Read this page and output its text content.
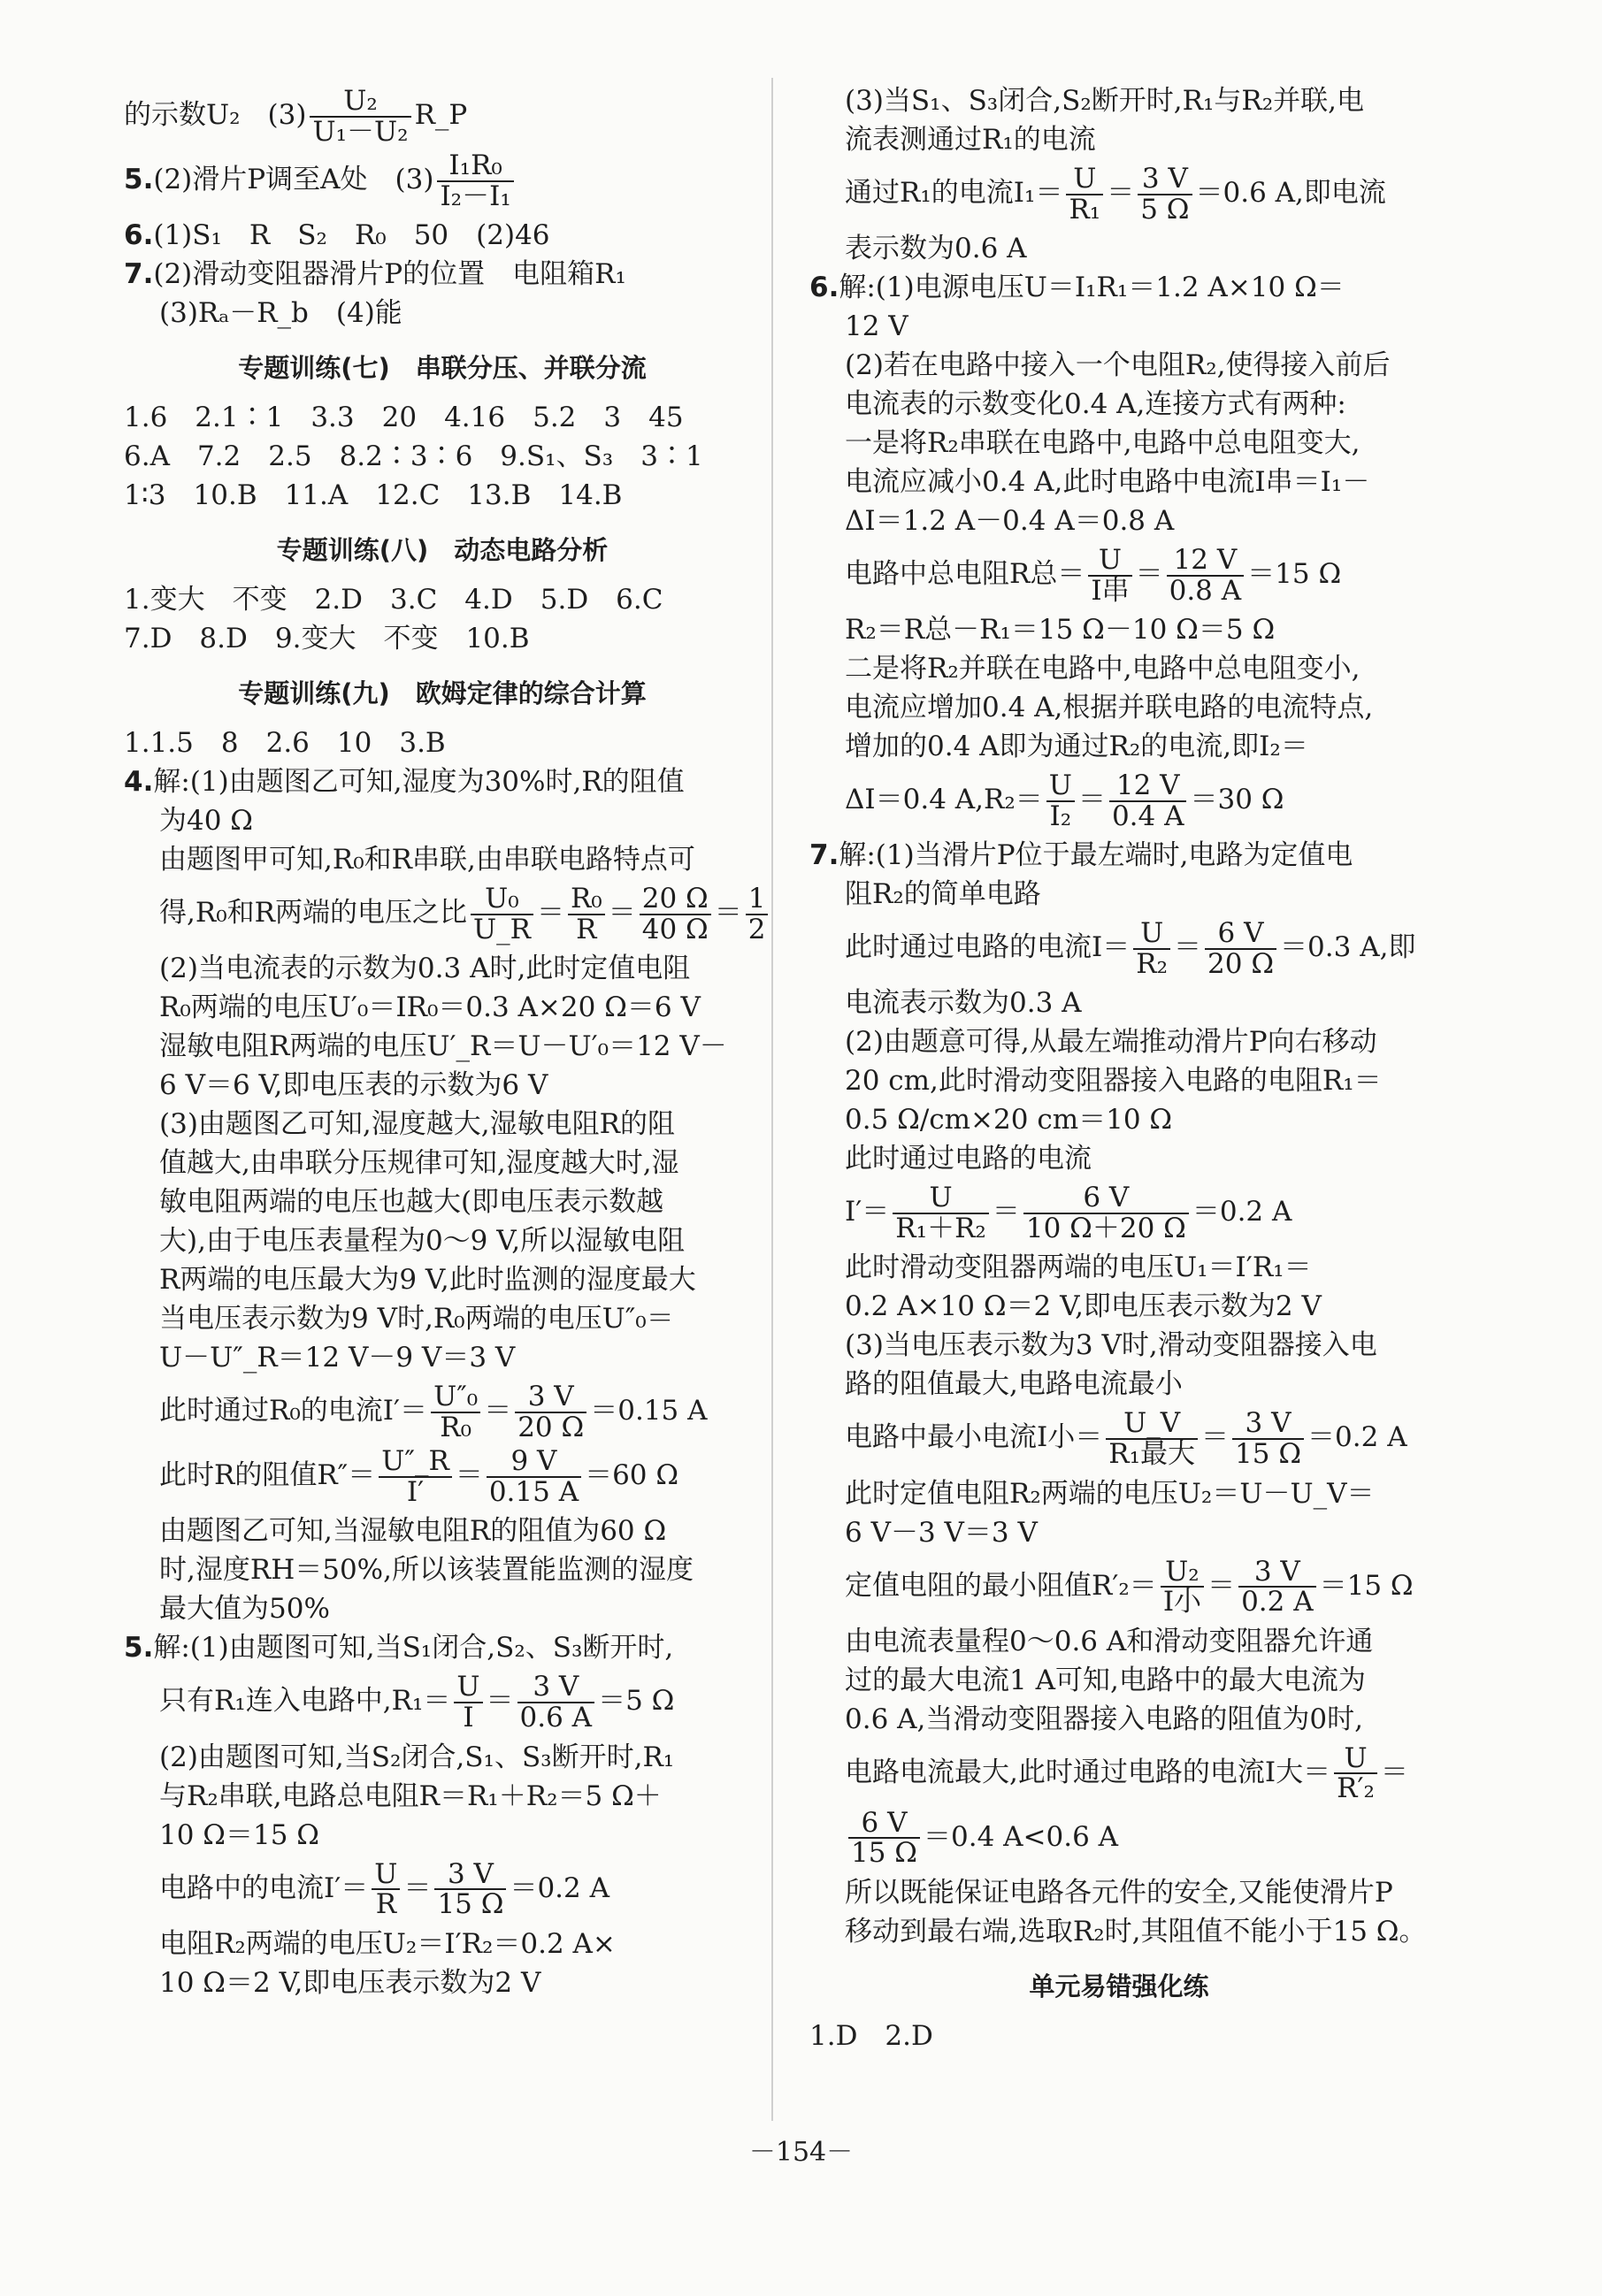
的示数U₂　$(3) \frac{\text{U₂}}{\text{U₁－U₂}}$ R_P
5.(2)滑片P调至A处　$(3) \frac{\text{I₁R₀}}{\text{I₂－I₁}}$

6.(1)S₁　R　S₂　R₀　50　(2)46

7.(2)滑动变阻器滑片P的位置　电阻箱R₁

(3)Rₐ－R_b　(4)能

专题训练(七)　串联分压、并联分流

1.6　2.1∶1　3.3　20　4.16　5.2　3　45

6.A　7.2　2.5　8.2∶3∶6　9.S₁、S₃　3∶1

1∶3　10.B　11.A　12.C　13.B　14.B

专题训练(八)　动态电路分析

1.变大　不变　2.D　3.C　4.D　5.D　6.C

7.D　8.D　9.变大　不变　10.B

专题训练(九)　欧姆定律的综合计算

1.1.5　8　2.6　10　3.B

4.解:(1)由题图乙可知,湿度为30%时,R的阻值

为40 Ω

由题图甲可知,R₀和R串联,由串联电路特点可

得,R₀和R两端的电压之比 $\frac{\text{U₀}}{U\_R} = \frac{\text{R₀}}{R} = \frac{20 \Omega}{40 \Omega} = \frac{1}{2}$

(2)当电流表的示数为0.3 A时,此时定值电阻

R₀两端的电压U′₀＝IR₀＝0.3 A×20 Ω＝6 V

湿敏电阻R两端的电压U′_R＝U－U′₀＝12 V－

6 V＝6 V,即电压表的示数为6 V

(3)由题图乙可知,湿度越大,湿敏电阻R的阻

值越大,由串联分压规律可知,湿度越大时,湿

敏电阻两端的电压也越大(即电压表示数越

大),由于电压表量程为0～9 V,所以湿敏电阻

R两端的电压最大为9 V,此时监测的湿度最大

当电压表示数为9 V时,R₀两端的电压U″₀＝

U－U″_R＝12 V－9 V＝3 V

此时通过R₀的电流$I'= \frac{\text{U″₀}}{\text{R₀}} = \frac{3 V}{20 \Omega} =0.15$ A
此时R的阻值$R''= \frac{U''\_R}{I'} = \frac{9 V}{0.15 A} =60$ Ω

由题图乙可知,当湿敏电阻R的阻值为60 Ω

时,湿度RH＝50%,所以该装置能监测的湿度

最大值为50%

5.解:(1)由题图可知,当S₁闭合,S₂、S₃断开时,

只有R₁连入电路中$,R_1= \frac{U}{I} = \frac{3 V}{0.6 A} =5$ Ω

(2)由题图可知,当S₂闭合,S₁、S₃断开时,R₁

与R₂串联,电路总电阻R＝R₁＋R₂＝5 Ω＋

10 Ω＝15 Ω

电路中的电流$I'= \frac{U}{R} = \frac{3 V}{15 \Omega} =0.2$ A

电阻R₂两端的电压U₂＝I′R₂＝0.2 A×

10 Ω＝2 V,即电压表示数为2 V

(3)当S₁、S₃闭合,S₂断开时,R₁与R₂并联,电

流表测通过R₁的电流

通过R₁的电流$I_1= \frac{U}{\text{R₁}} = \frac{3 V}{5 \Omega} =0.6$ A,即电流

表示数为0.6 A

6.解:(1)电源电压U＝I₁R₁＝1.2 A×10 Ω＝

12 V

(2)若在电路中接入一个电阻R₂,使得接入前后

电流表的示数变化0.4 A,连接方式有两种:

一是将R₂串联在电路中,电路中总电阻变大,

电流应减小0.4 A,此时电路中电流I串＝I₁－

ΔI＝1.2 A－0.4 A＝0.8 A

电路中总电阻R总＝ $\frac{U}{\text{I串}} = \frac{12 V}{0.8 A} =15$ Ω

R₂＝R总－R₁＝15 Ω－10 Ω＝5 Ω

二是将R₂并联在电路中,电路中总电阻变小,

电流应增加0.4 A,根据并联电路的电流特点,

增加的0.4 A即为通过R₂的电流,即I₂＝

ΔI＝0.4 $A,R_2= \frac{U}{\text{I₂}} = \frac{12 V}{0.4 A} =30$ Ω

7.解:(1)当滑片P位于最左端时,电路为定值电

阻R₂的简单电路

此时通过电路的电流$I= \frac{U}{\text{R₂}} = \frac{6 V}{20 \Omega} =0.3$ A,即

电流表示数为0.3 A

(2)由题意可得,从最左端推动滑片P向右移动

20 cm,此时滑动变阻器接入电路的电阻R₁＝

0.5 Ω/cm×20 cm＝10 Ω

此时通过电路的电流

$I'= \frac{U}{\text{R₁＋R₂}} = \frac{6 V}{10 \Omega+20 \Omega} =0.2$ A

此时滑动变阻器两端的电压U₁＝I′R₁＝

0.2 A×10 Ω＝2 V,即电压表示数为2 V

(3)当电压表示数为3 V时,滑动变阻器接入电

路的阻值最大,电路电流最小

电路中最小电流I小＝ $\frac{U\_V}{\text{R₁最大}} = \frac{3 V}{15 \Omega} =0.2$ A

此时定值电阻R₂两端的电压U₂＝U－U_V＝

6 V－3 V＝3 V

定值电阻的最小阻值$R'_2= \frac{\text{U₂}}{\text{I小}} = \frac{3 V}{0.2 A} =15$ Ω

由电流表量程0～0.6 A和滑动变阻器允许通

过的最大电流1 A可知,电路中的最大电流为

0.6 A,当滑动变阻器接入电路的阻值为0时,

电路电流最大,此时通过电路的电流I大＝ $\frac{U}{\text{R′₂}}$ ＝
$\frac{6 V}{15 \Omega} =0.4$ A<0.6 A

所以既能保证电路各元件的安全,又能使滑片P

移动到最右端,选取R₂时,其阻值不能小于15 Ω。

单元易错强化练

1.D　2.D

－154－
